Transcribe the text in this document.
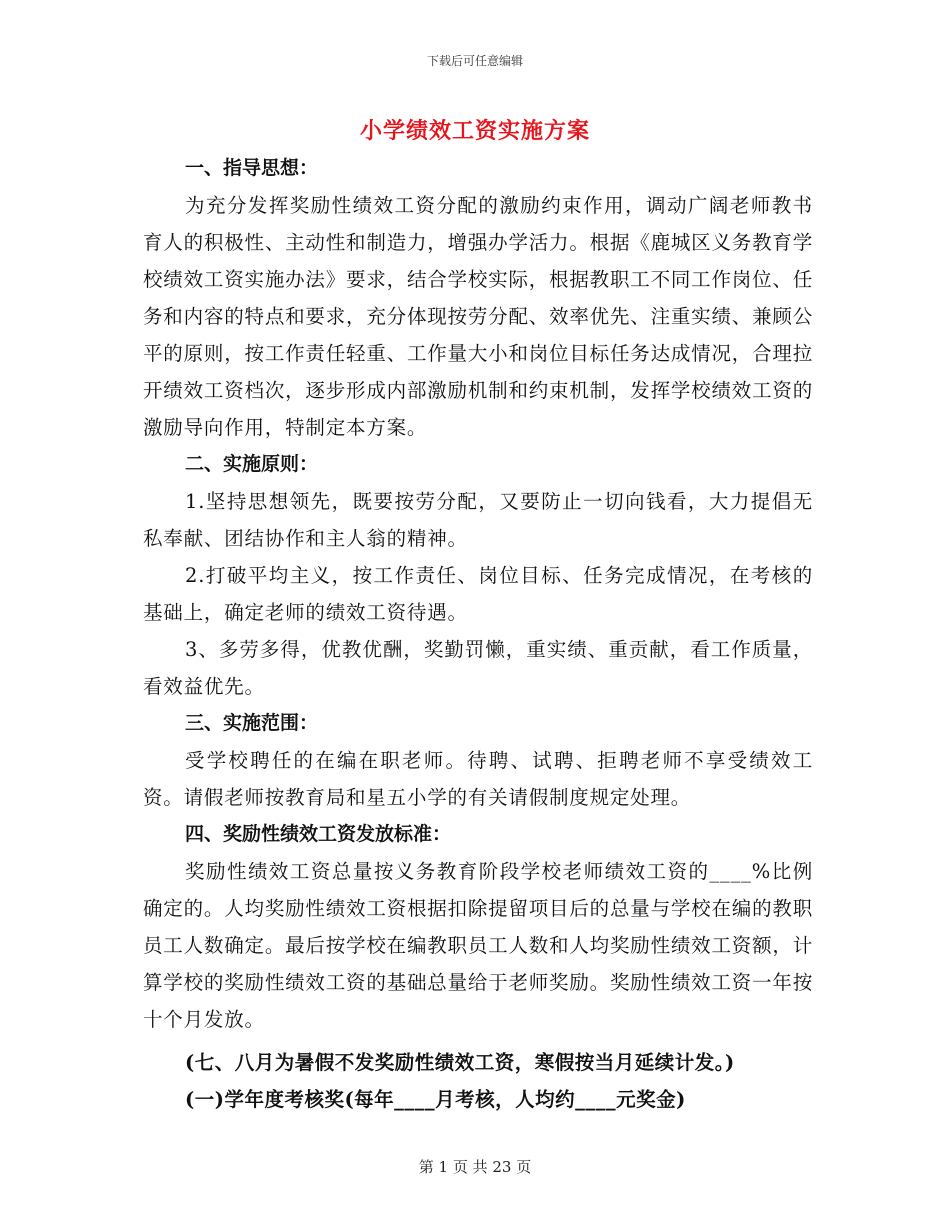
下载后可任意编辑
小学绩效工资实施方案

一、指导思想：

为充分发挥奖励性绩效工资分配的激励约束作用，调动广阔老师教书育人的积极性、主动性和制造力，增强办学活力。根据《鹿城区义务教育学校绩效工资实施办法》要求，结合学校实际，根据教职工不同工作岗位、任务和内容的特点和要求，充分体现按劳分配、效率优先、注重实绩、兼顾公平的原则，按工作责任轻重、工作量大小和岗位目标任务达成情况，合理拉开绩效工资档次，逐步形成内部激励机制和约束机制，发挥学校绩效工资的激励导向作用，特制定本方案。

二、实施原则：

1.坚持思想领先，既要按劳分配，又要防止一切向钱看，大力提倡无私奉献、团结协作和主人翁的精神。

2.打破平均主义，按工作责任、岗位目标、任务完成情况，在考核的基础上，确定老师的绩效工资待遇。

3、多劳多得，优教优酬，奖勤罚懒，重实绩、重贡献，看工作质量，看效益优先。

三、实施范围：

受学校聘任的在编在职老师。待聘、试聘、拒聘老师不享受绩效工资。请假老师按教育局和星五小学的有关请假制度规定处理。

四、奖励性绩效工资发放标准：

奖励性绩效工资总量按义务教育阶段学校老师绩效工资的____%比例确定的。人均奖励性绩效工资根据扣除提留项目后的总量与学校在编的教职员工人数确定。最后按学校在编教职员工人数和人均奖励性绩效工资额，计算学校的奖励性绩效工资的基础总量给于老师奖励。奖励性绩效工资一年按十个月发放。

(七、八月为暑假不发奖励性绩效工资，寒假按当月延续计发。)

(一)学年度考核奖(每年____月考核，人均约____元奖金)

第 1 页 共 23 页
